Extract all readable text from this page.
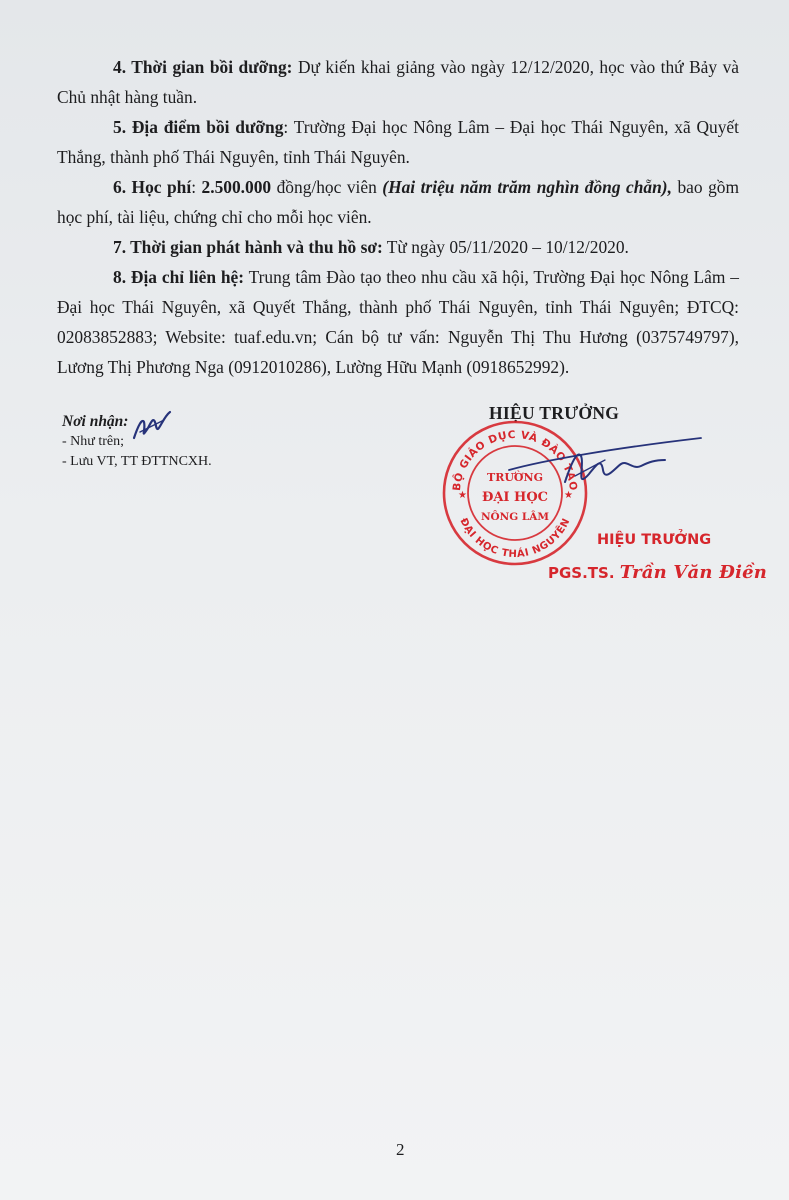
4. Thời gian bồi dưỡng: Dự kiến khai giảng vào ngày 12/12/2020, học vào thứ Bảy và Chủ nhật hàng tuần.

5. Địa điểm bồi dưỡng: Trường Đại học Nông Lâm – Đại học Thái Nguyên, xã Quyết Thắng, thành phố Thái Nguyên, tỉnh Thái Nguyên.

6. Học phí: 2.500.000 đồng/học viên (Hai triệu năm trăm nghìn đồng chẵn), bao gồm học phí, tài liệu, chứng chỉ cho mỗi học viên.

7. Thời gian phát hành và thu hồ sơ: Từ ngày 05/11/2020 – 10/12/2020.

8. Địa chỉ liên hệ: Trung tâm Đào tạo theo nhu cầu xã hội, Trường Đại học Nông Lâm – Đại học Thái Nguyên, xã Quyết Thắng, thành phố Thái Nguyên, tỉnh Thái Nguyên; ĐTCQ: 02083852883; Website: tuaf.edu.vn; Cán bộ tư vấn: Nguyễn Thị Thu Hương (0375749797), Lương Thị Phương Nga (0912010286), Lường Hữu Mạnh (0918652992).

Nơi nhận:
- Như trên;
- Lưu VT, TT ĐTTNCXH.
HIỆU TRƯỞNG
BỘ GIÁO DỤC VÀ ĐÀO TẠO
ĐẠI HỌC THÁI NGUYÊN
★	★
TRƯỜNG
ĐẠI HỌC
NÔNG LÂM
HIỆU TRƯỞNG
PGS.TS. Trần Văn Điền
2
